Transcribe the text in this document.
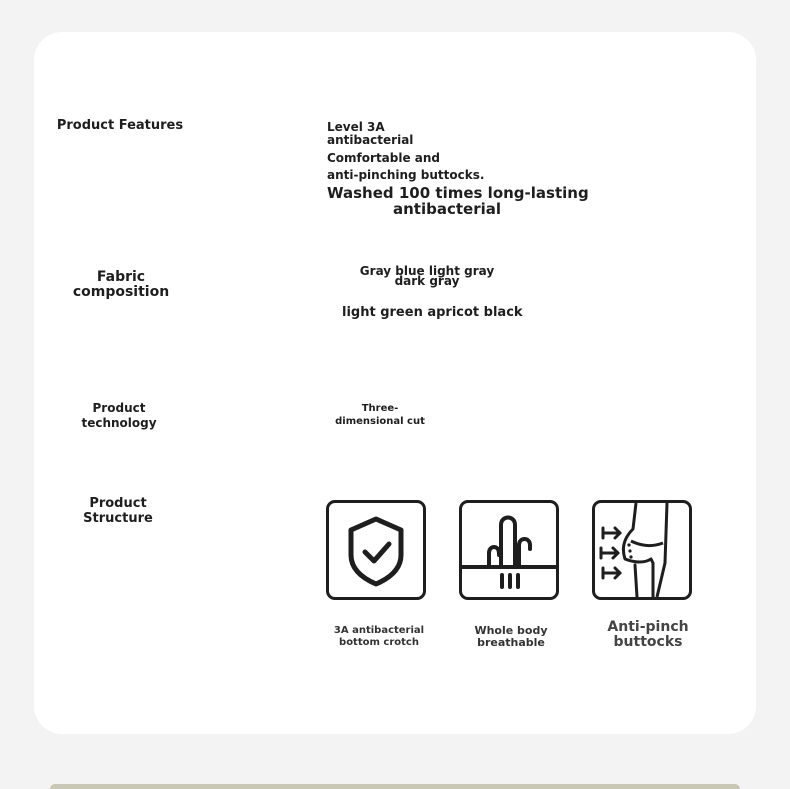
Product Features	Level 3A
antibacterial
Comfortable and
anti-pinching buttocks.
Washed 100 times long-lasting
antibacterial
Fabric composition
Gray blue light gray dark gray
light green apricot black
Product technology
Three-dimensional cut
Product Structure
3A antibacterial bottom crotch
Whole body breathable
Anti-pinch buttocks
